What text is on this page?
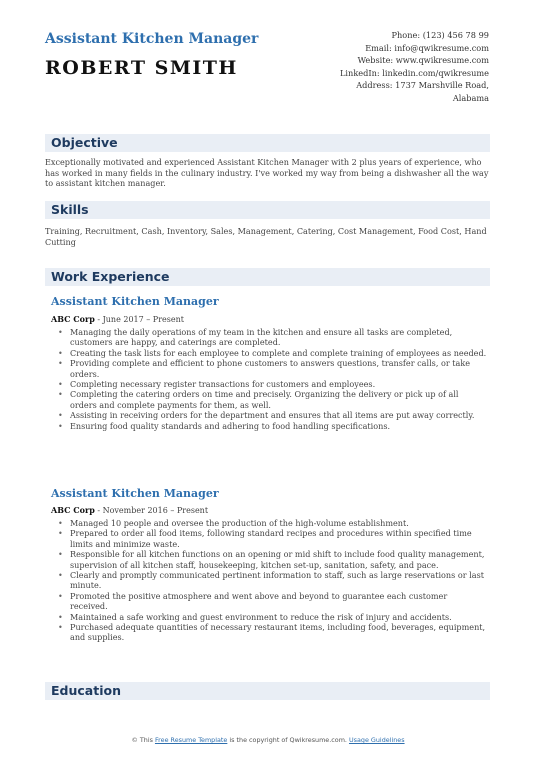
Assistant Kitchen Manager
ROBERT SMITH
Phone: (123) 456 78 99
Email: info@qwikresume.com
Website: www.qwikresume.com
LinkedIn: linkedin.com/qwikresume
Address: 1737 Marshville Road,
Alabama
Objective
Exceptionally motivated and experienced Assistant Kitchen Manager with 2 plus years of experience, who has worked in many fields in the culinary industry. I've worked my way from being a dishwasher all the way to assistant kitchen manager.
Skills
Training, Recruitment, Cash, Inventory, Sales, Management, Catering, Cost Management, Food Cost, Hand Cutting
Work Experience
Assistant Kitchen Manager
ABC Corp - June 2017 – Present
• Managing the daily operations of my team in the kitchen and ensure all tasks are completed, customers are happy, and caterings are completed.
• Creating the task lists for each employee to complete and complete training of employees as needed.
• Providing complete and efficient to phone customers to answers questions, transfer calls, or take orders.
• Completing necessary register transactions for customers and employees.
• Completing the catering orders on time and precisely. Organizing the delivery or pick up of all orders and complete payments for them, as well.
• Assisting in receiving orders for the department and ensures that all items are put away correctly.
• Ensuring food quality standards and adhering to food handling specifications.
Assistant Kitchen Manager
ABC Corp - November 2016 – Present
• Managed 10 people and oversee the production of the high-volume establishment.
• Prepared to order all food items, following standard recipes and procedures within specified time limits and minimize waste.
• Responsible for all kitchen functions on an opening or mid shift to include food quality management, supervision of all kitchen staff, housekeeping, kitchen set-up, sanitation, safety, and pace.
• Clearly and promptly communicated pertinent information to staff, such as large reservations or last minute.
• Promoted the positive atmosphere and went above and beyond to guarantee each customer received.
• Maintained a safe working and guest environment to reduce the risk of injury and accidents.
• Purchased adequate quantities of necessary restaurant items, including food, beverages, equipment, and supplies.
Education
© This Free Resume Template is the copyright of Qwikresume.com. Usage Guidelines
